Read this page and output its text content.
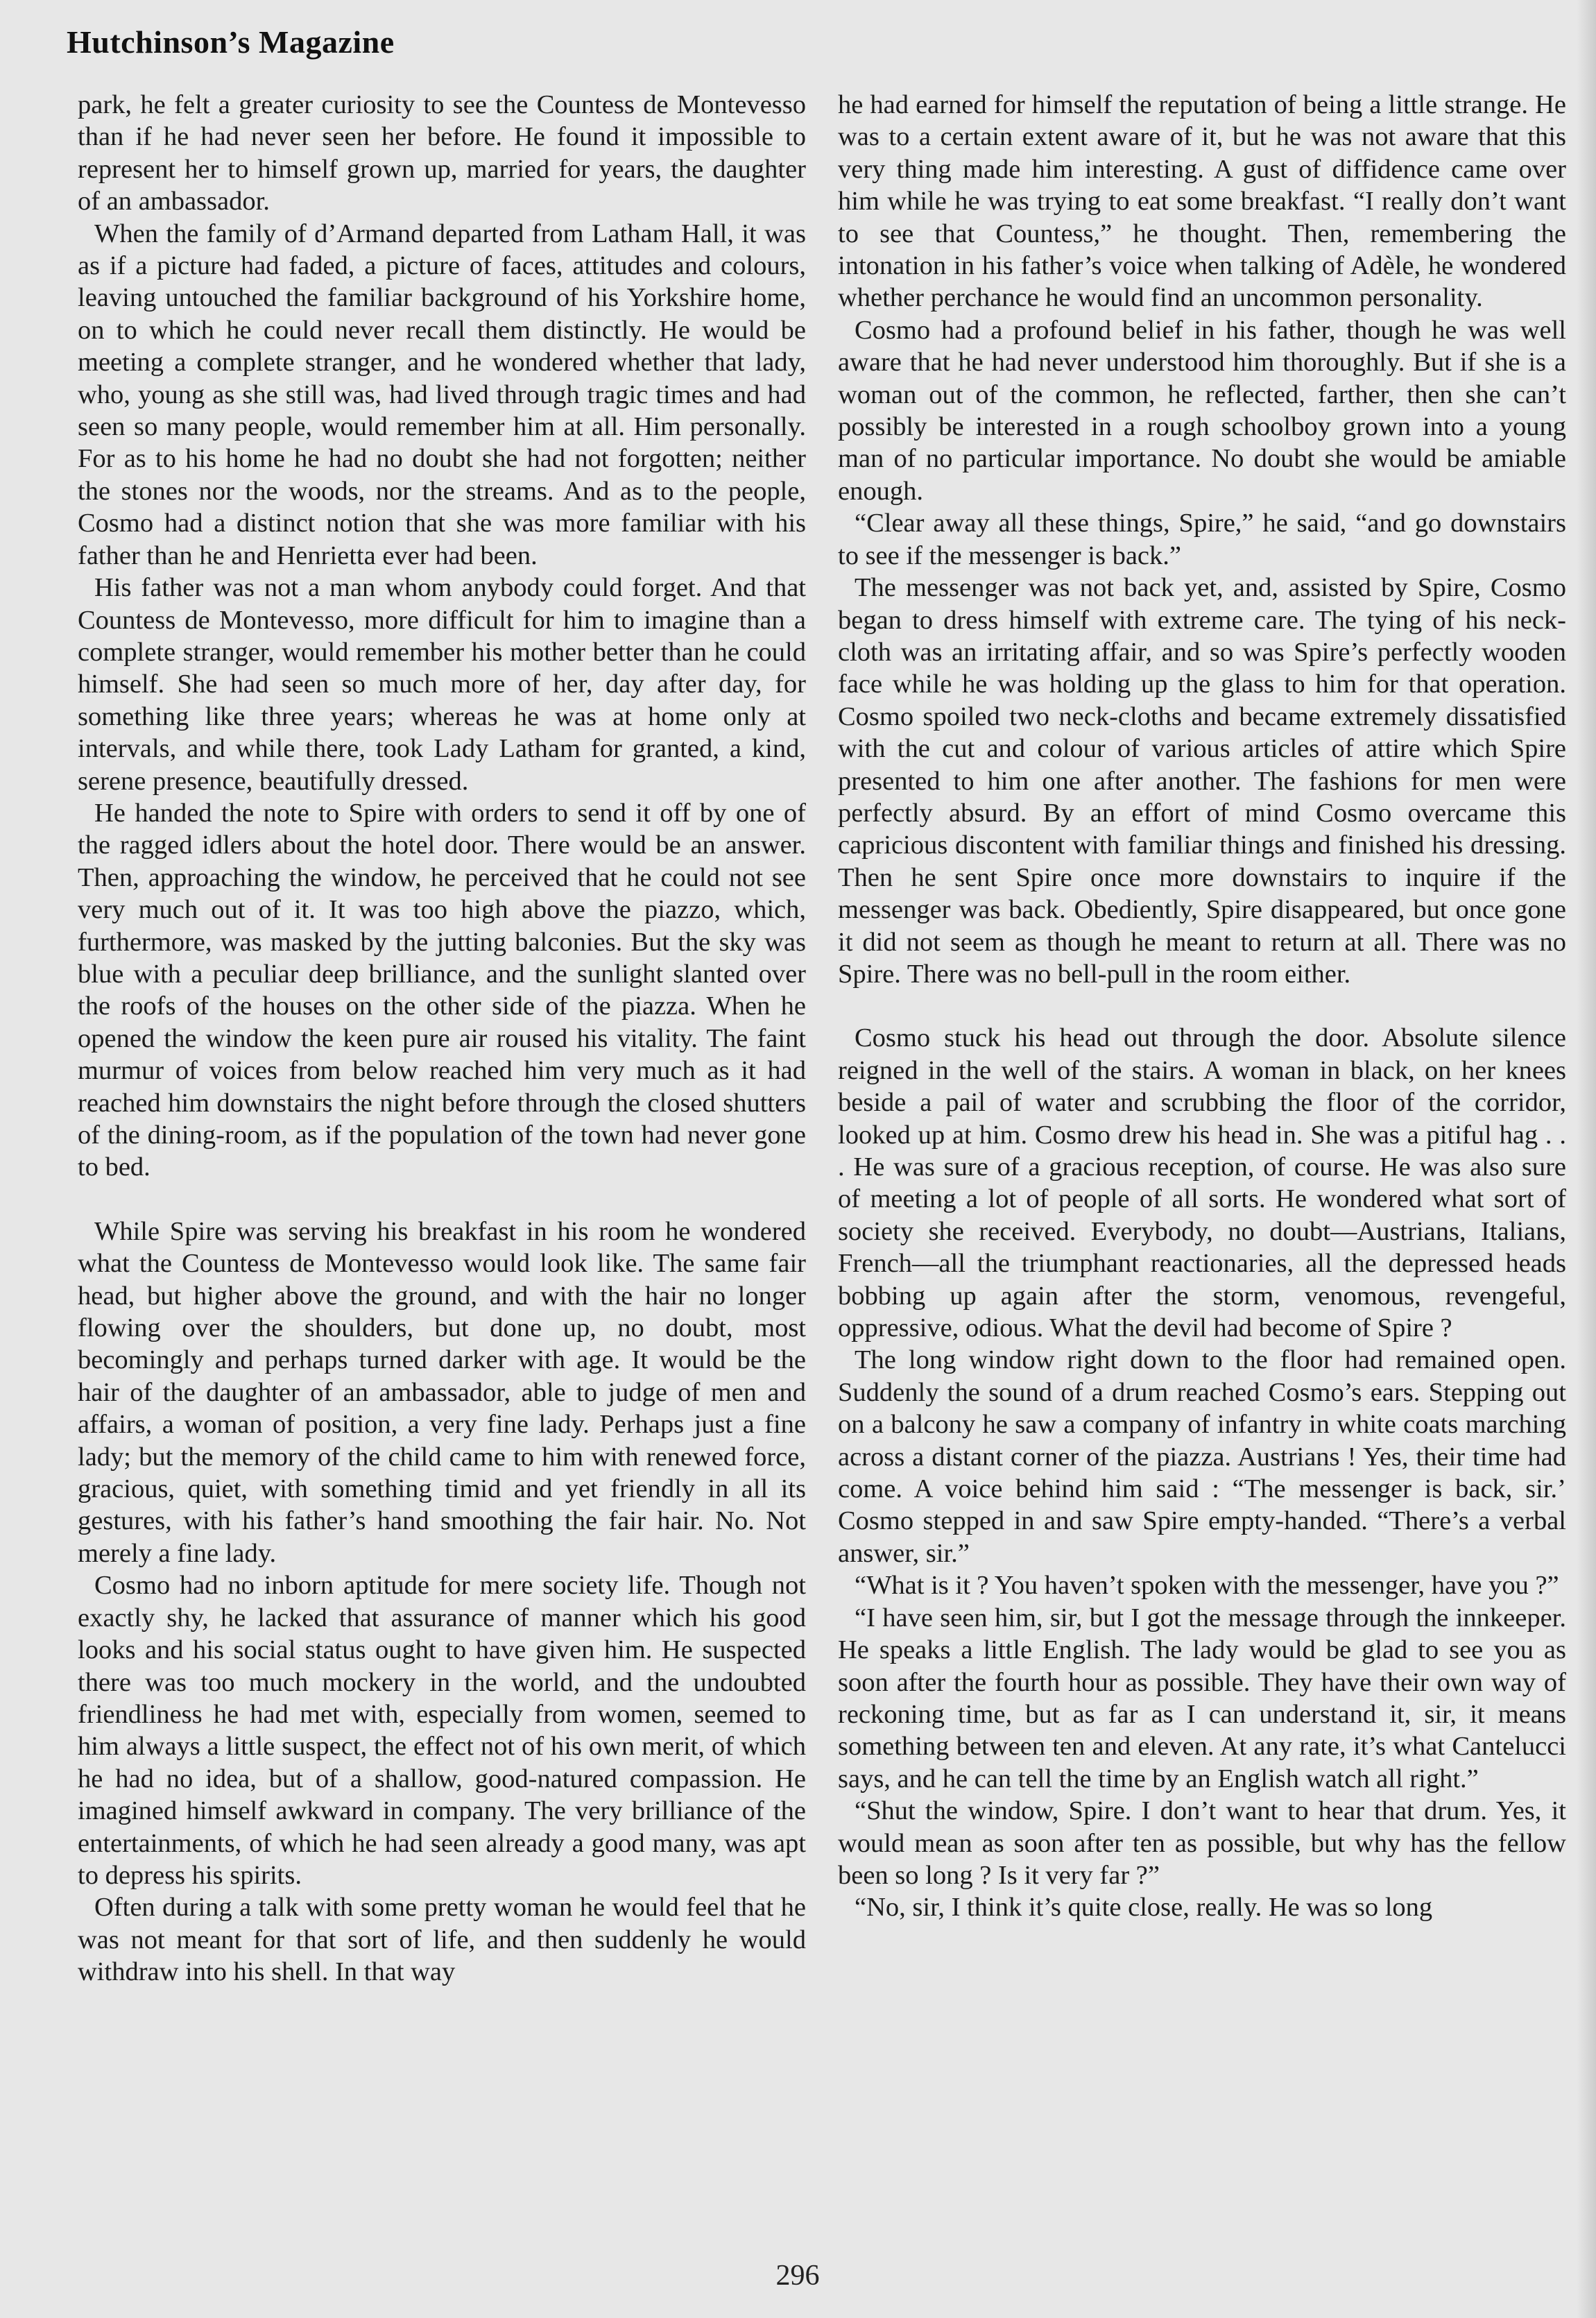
Hutchinson’s Magazine

park, he felt a greater curiosity to see the Countess de Montevesso than if he had never seen her before. He found it impossible to represent her to himself grown up, married for years, the daughter of an ambassador.

When the family of d’Armand departed from Latham Hall, it was as if a picture had faded, a picture of faces, attitudes and colours, leaving untouched the familiar background of his Yorkshire home, on to which he could never recall them distinctly. He would be meeting a complete stranger, and he wondered whether that lady, who, young as she still was, had lived through tragic times and had seen so many people, would remember him at all. Him personally. For as to his home he had no doubt she had not forgotten; neither the stones nor the woods, nor the streams. And as to the people, Cosmo had a distinct notion that she was more familiar with his father than he and Henrietta ever had been.

His father was not a man whom anybody could forget. And that Countess de Montevesso, more difficult for him to imagine than a complete stranger, would remember his mother better than he could himself. She had seen so much more of her, day after day, for something like three years; whereas he was at home only at intervals, and while there, took Lady Latham for granted, a kind, serene presence, beautifully dressed.

He handed the note to Spire with orders to send it off by one of the ragged idlers about the hotel door. There would be an answer. Then, approaching the window, he perceived that he could not see very much out of it. It was too high above the piazzo, which, furthermore, was masked by the jutting balconies. But the sky was blue with a peculiar deep brilliance, and the sunlight slanted over the roofs of the houses on the other side of the piazza. When he opened the window the keen pure air roused his vitality. The faint murmur of voices from below reached him very much as it had reached him downstairs the night before through the closed shutters of the dining-room, as if the population of the town had never gone to bed.

While Spire was serving his breakfast in his room he wondered what the Countess de Montevesso would look like. The same fair head, but higher above the ground, and with the hair no longer flowing over the shoulders, but done up, no doubt, most becomingly and perhaps turned darker with age. It would be the hair of the daughter of an ambassador, able to judge of men and affairs, a woman of position, a very fine lady. Perhaps just a fine lady; but the memory of the child came to him with renewed force, gracious, quiet, with something timid and yet friendly in all its gestures, with his father’s hand smoothing the fair hair. No. Not merely a fine lady.

Cosmo had no inborn aptitude for mere society life. Though not exactly shy, he lacked that assurance of manner which his good looks and his social status ought to have given him. He suspected there was too much mockery in the world, and the undoubted friendliness he had met with, especially from women, seemed to him always a little suspect, the effect not of his own merit, of which he had no idea, but of a shallow, good-natured compassion. He imagined himself awkward in company. The very brilliance of the entertainments, of which he had seen already a good many, was apt to depress his spirits.

Often during a talk with some pretty woman he would feel that he was not meant for that sort of life, and then suddenly he would withdraw into his shell. In that way

he had earned for himself the reputation of being a little strange. He was to a certain extent aware of it, but he was not aware that this very thing made him interesting. A gust of diffidence came over him while he was trying to eat some breakfast. “I really don’t want to see that Countess,” he thought. Then, remembering the intonation in his father’s voice when talking of Adèle, he wondered whether perchance he would find an uncommon personality.

Cosmo had a profound belief in his father, though he was well aware that he had never understood him thoroughly. But if she is a woman out of the common, he reflected, farther, then she can’t possibly be interested in a rough schoolboy grown into a young man of no particular importance. No doubt she would be amiable enough.

“Clear away all these things, Spire,” he said, “and go downstairs to see if the messenger is back.”

The messenger was not back yet, and, assisted by Spire, Cosmo began to dress himself with extreme care. The tying of his neck-cloth was an irritating affair, and so was Spire’s perfectly wooden face while he was holding up the glass to him for that operation. Cosmo spoiled two neck-cloths and became extremely dissatisfied with the cut and colour of various articles of attire which Spire presented to him one after another. The fashions for men were perfectly absurd. By an effort of mind Cosmo overcame this capricious discontent with familiar things and finished his dressing. Then he sent Spire once more downstairs to inquire if the messenger was back. Obediently, Spire disappeared, but once gone it did not seem as though he meant to return at all. There was no Spire. There was no bell-pull in the room either.

Cosmo stuck his head out through the door. Absolute silence reigned in the well of the stairs. A woman in black, on her knees beside a pail of water and scrubbing the floor of the corridor, looked up at him. Cosmo drew his head in. She was a pitiful hag . . . He was sure of a gracious reception, of course. He was also sure of meeting a lot of people of all sorts. He wondered what sort of society she received. Everybody, no doubt—Austrians, Italians, French—all the triumphant reactionaries, all the depressed heads bobbing up again after the storm, venomous, revengeful, oppressive, odious. What the devil had become of Spire ?

The long window right down to the floor had remained open. Suddenly the sound of a drum reached Cosmo’s ears. Stepping out on a balcony he saw a company of infantry in white coats marching across a distant corner of the piazza. Austrians ! Yes, their time had come. A voice behind him said : “The messenger is back, sir.’ Cosmo stepped in and saw Spire empty-handed. “There’s a verbal answer, sir.”

“What is it ? You haven’t spoken with the messenger, have you ?”

“I have seen him, sir, but I got the message through the innkeeper. He speaks a little English. The lady would be glad to see you as soon after the fourth hour as possible. They have their own way of reckoning time, but as far as I can understand it, sir, it means something between ten and eleven. At any rate, it’s what Cantelucci says, and he can tell the time by an English watch all right.”

“Shut the window, Spire. I don’t want to hear that drum. Yes, it would mean as soon after ten as possible, but why has the fellow been so long ? Is it very far ?”

“No, sir, I think it’s quite close, really. He was so long

296
